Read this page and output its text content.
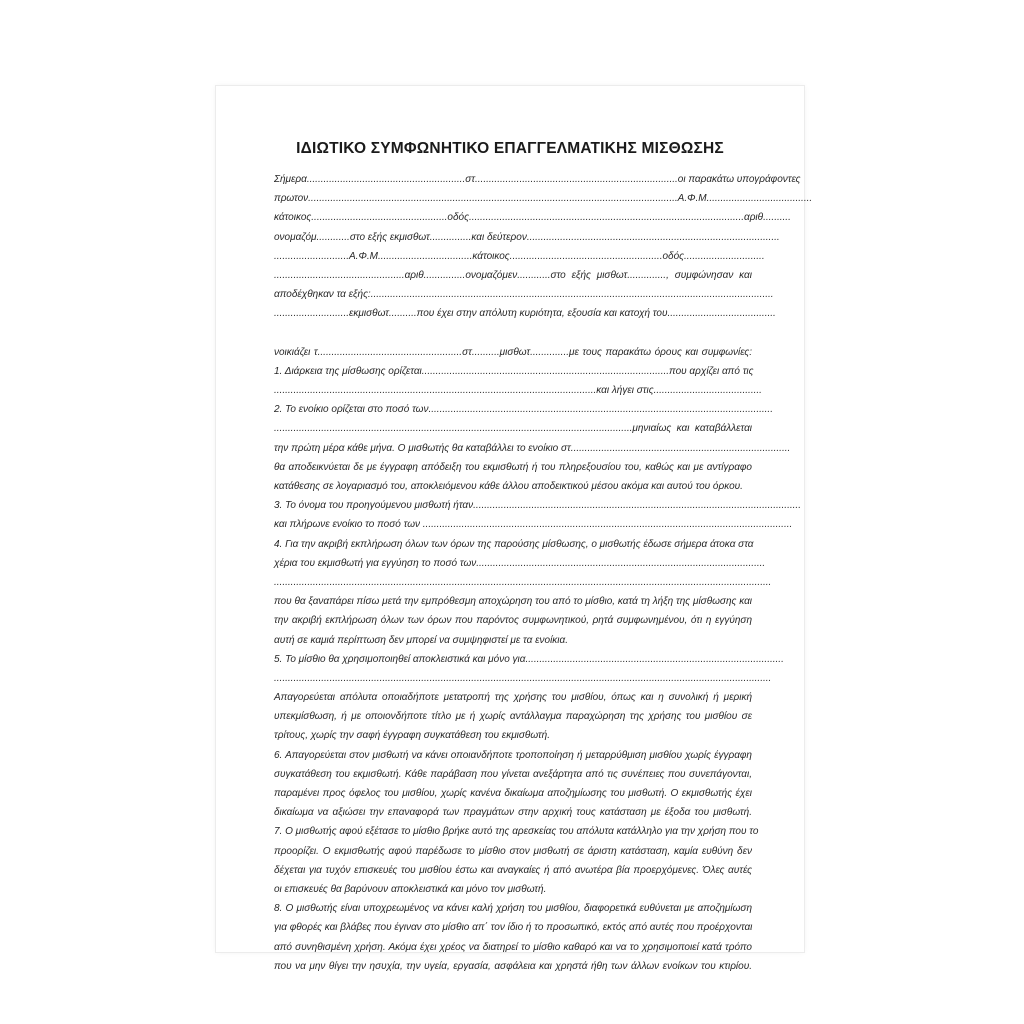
ΙΔΙΩΤΙΚΟ ΣΥΜΦΩΝΗΤΙΚΟ ΕΠΑΓΓΕΛΜΑΤΙΚΗΣ ΜΙΣΘΩΣΗΣ
Σήμερα.........................................................στ.........................................................................οι παρακάτω υπογράφοντες
πρωτον.....................................................................................................................................Α.Φ.Μ......................................
κάτοικος.................................................οδός...................................................................................................αριθ..........
ονομαζόμ............στο εξής εκμισθωτ...............και δεύτερον...........................................................................................
...........................Α.Φ.Μ..................................κάτοικος.......................................................οδός.............................
...............................................αριθ...............ονομαζόμεν............στο εξής μισθωτ.............., συμφώνησαν και
αποδέχθηκαν τα εξής:.................................................................................................................................................
...........................εκμισθωτ..........που έχει στην απόλυτη κυριότητα, εξουσία και κατοχή του.......................................
νοικιάζει τ....................................................στ..........μισθωτ..............με τους παρακάτω όρους και συμφωνίες:
1. Διάρκεια της μίσθωσης ορίζεται.........................................................................................που αρχίζει από τις
....................................................................................................................και λήγει στις.......................................
2. Το ενοίκιο ορίζεται στο ποσό των............................................................................................................................
.................................................................................................................................μηνιαίως και καταβάλλεται
την πρώτη μέρα κάθε μήνα. Ο μισθωτής θα καταβάλλει το ενοίκιο στ...............................................................................
θα αποδεικνύεται δε με έγγραφη απόδειξη του εκμισθωτή ή του πληρεξουσίου του, καθώς και με αντίγραφο
κατάθεσης σε λογαριασμό του, αποκλειόμενου κάθε άλλου αποδεικτικού μέσου ακόμα και αυτού του όρκου.
3. Το όνομα του προηγούμενου μισθωτή ήταν......................................................................................................................
και πλήρωνε ενοίκιο το ποσό των .....................................................................................................................................
4. Για την ακριβή εκπλήρωση όλων των όρων της παρούσης μίσθωσης, ο μισθωτής έδωσε σήμερα άτοκα στα
χέρια του εκμισθωτή για εγγύηση το ποσό των........................................................................................................
...................................................................................................................................................................................
που θα ξαναπάρει πίσω μετά την εμπρόθεσμη αποχώρηση του από το μίσθιο, κατά τη λήξη της μίσθωσης και
την ακριβή εκπλήρωση όλων των όρων που παρόντος συμφωνητικού, ρητά συμφωνημένου, ότι η εγγύηση
αυτή σε καμιά περίπτωση δεν μπορεί να συμψηφιστεί με τα ενοίκια.
5. Το μίσθιο θα χρησιμοποιηθεί αποκλειστικά και μόνο για.............................................................................................
...................................................................................................................................................................................
Απαγορεύεται απόλυτα οποιαδήποτε μετατροπή της χρήσης του μισθίου, όπως και η συνολική ή μερική
υπεκμίσθωση, ή με οποιονδήποτε τίτλο με ή χωρίς αντάλλαγμα παραχώρηση της χρήσης του μισθίου σε
τρίτους, χωρίς την σαφή έγγραφη συγκατάθεση του εκμισθωτή.
6. Απαγορεύεται στον μισθωτή να κάνει οποιανδήποτε τροποποίηση ή μεταρρύθμιση μισθίου χωρίς έγγραφη
συγκατάθεση του εκμισθωτή. Κάθε παράβαση που γίνεται ανεξάρτητα από τις συνέπειες που συνεπάγονται,
παραμένει προς όφελος του μισθίου, χωρίς κανένα δικαίωμα αποζημίωσης του μισθωτή. Ο εκμισθωτής έχει
δικαίωμα να αξιώσει την επαναφορά των πραγμάτων στην αρχική τους κατάσταση με έξοδα του μισθωτή.
7. Ο μισθωτής αφού εξέτασε το μίσθιο βρήκε αυτό της αρεσκείας του απόλυτα κατάλληλο για την χρήση που το
προορίζει. Ο εκμισθωτής αφού παρέδωσε το μίσθιο στον μισθωτή σε άριστη κατάσταση, καμία ευθύνη δεν
δέχεται για τυχόν επισκευές του μισθίου έστω και αναγκαίες ή από ανωτέρα βία προερχόμενες. Όλες αυτές
οι επισκευές θα βαρύνουν αποκλειστικά και μόνο τον μισθωτή.
8. Ο μισθωτής είναι υποχρεωμένος να κάνει καλή χρήση του μισθίου, διαφορετικά ευθύνεται με αποζημίωση
για φθορές και βλάβες που έγιναν στο μίσθιο απ΄ τον ίδιο ή το προσωπικό, εκτός από αυτές που προέρχονται
από συνηθισμένη χρήση. Ακόμα έχει χρέος να διατηρεί το μίσθιο καθαρό και να το χρησιμοποιεί κατά τρόπο
που να μην θίγει την ησυχία, την υγεία, εργασία, ασφάλεια και χρηστά ήθη των άλλων ενοίκων του κτιρίου.
